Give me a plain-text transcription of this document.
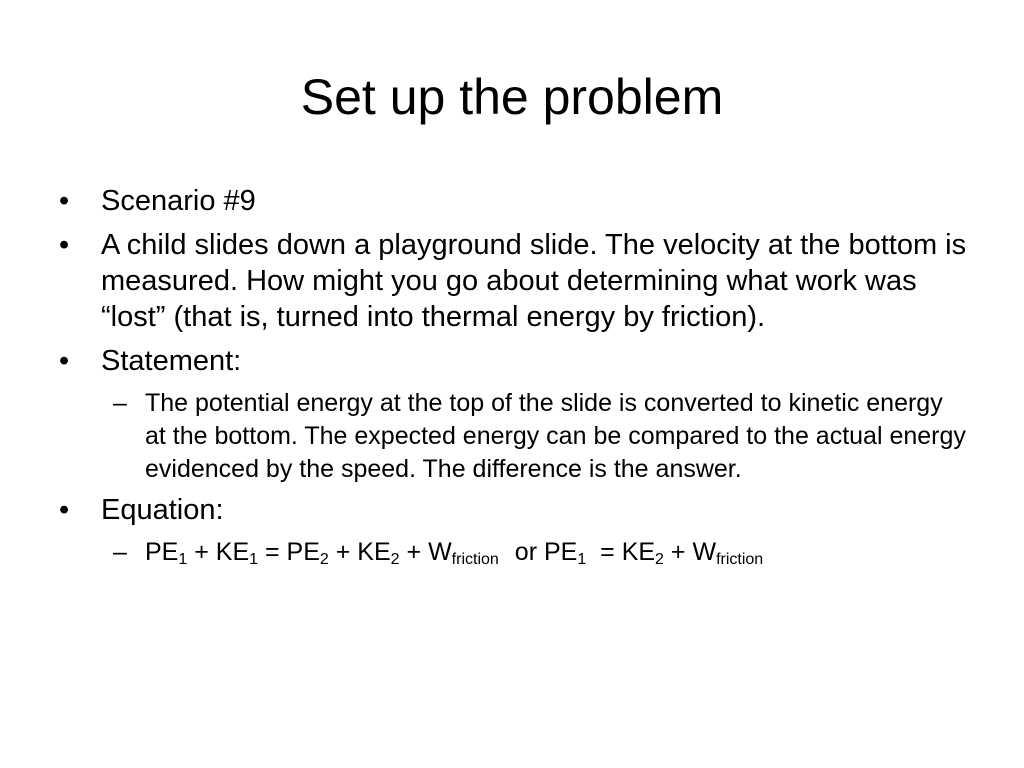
Set up the problem
• Scenario #9
• A child slides down a playground slide. The velocity at the bottom is measured. How might you go about determining what work was “lost” (that is, turned into thermal energy by friction).
• Statement:
– The potential energy at the top of the slide is converted to kinetic energy at the bottom. The expected energy can be compared to the actual energy evidenced by the speed. The difference is the answer.
• Equation:
– $PE_1 + KE_1 = PE_2 + KE_2 + W_{friction}$ or $PE_1 = KE_2 + W_{friction}$
